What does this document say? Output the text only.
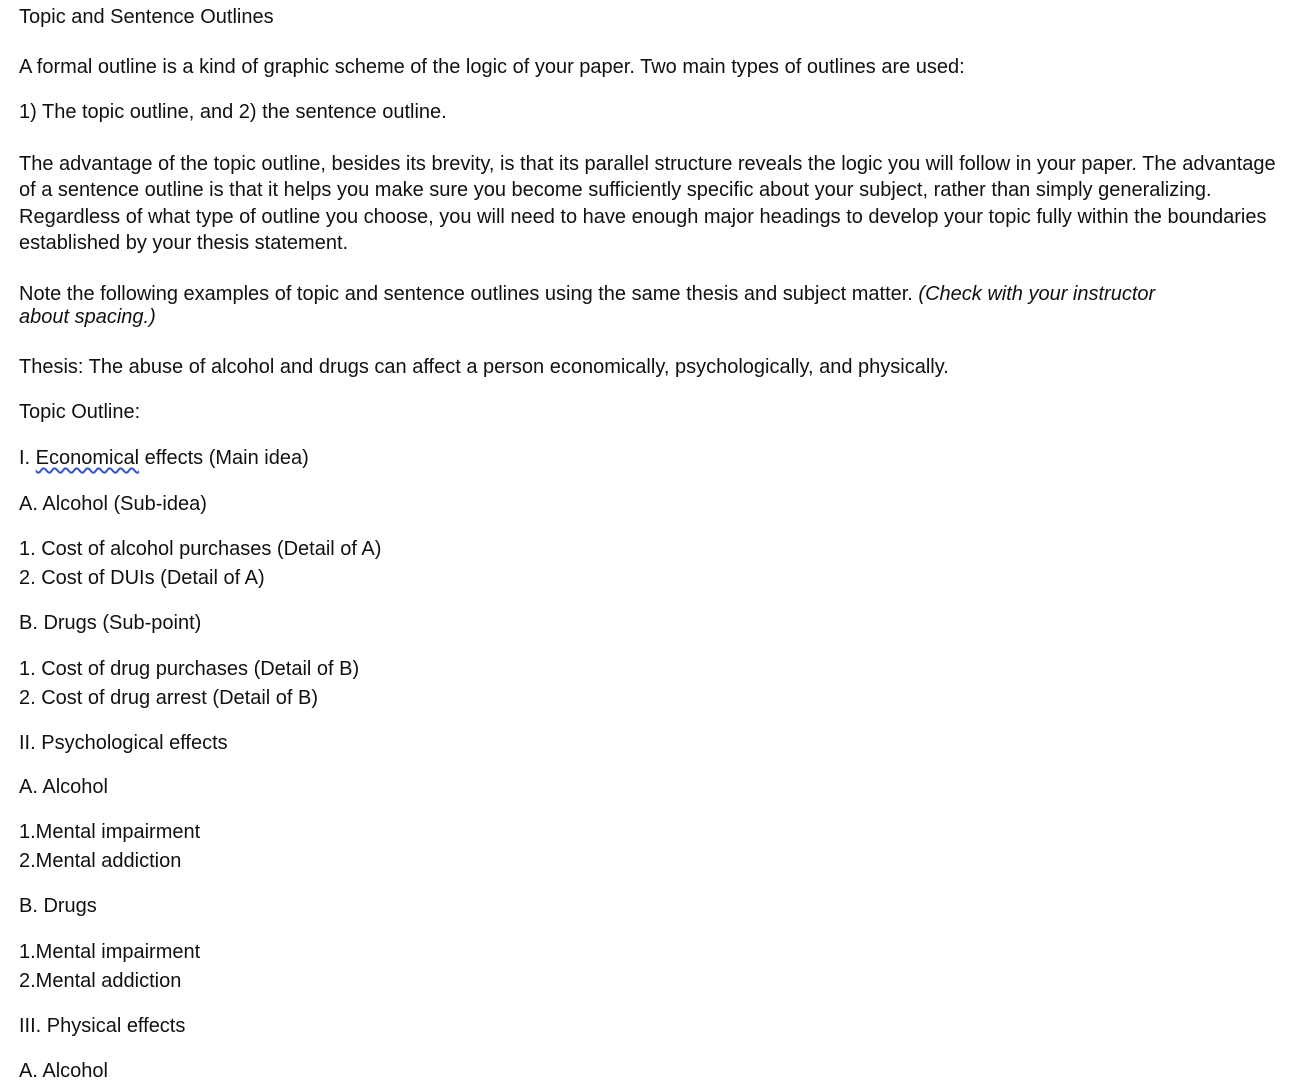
Topic and Sentence Outlines
A formal outline is a kind of graphic scheme of the logic of your paper. Two main types of outlines are used:
1) The topic outline, and 2) the sentence outline.
The advantage of the topic outline, besides its brevity, is that its parallel structure reveals the logic you will follow in your paper. The advantage of a sentence outline is that it helps you make sure you become sufficiently specific about your subject, rather than simply generalizing. Regardless of what type of outline you choose, you will need to have enough major headings to develop your topic fully within the boundaries established by your thesis statement.
Note the following examples of topic and sentence outlines using the same thesis and subject matter. (Check with your instructor about spacing.)
Thesis: The abuse of alcohol and drugs can affect a person economically, psychologically, and physically.
Topic Outline:
I. Economical effects (Main idea)
A. Alcohol (Sub-idea)
1. Cost of alcohol purchases (Detail of A)
2. Cost of DUIs (Detail of A)
B. Drugs (Sub-point)
1. Cost of drug purchases (Detail of B)
2. Cost of drug arrest (Detail of B)
II. Psychological effects
A. Alcohol
1.Mental impairment
2.Mental addiction
B. Drugs
1.Mental impairment
2.Mental addiction
III. Physical effects
A. Alcohol
